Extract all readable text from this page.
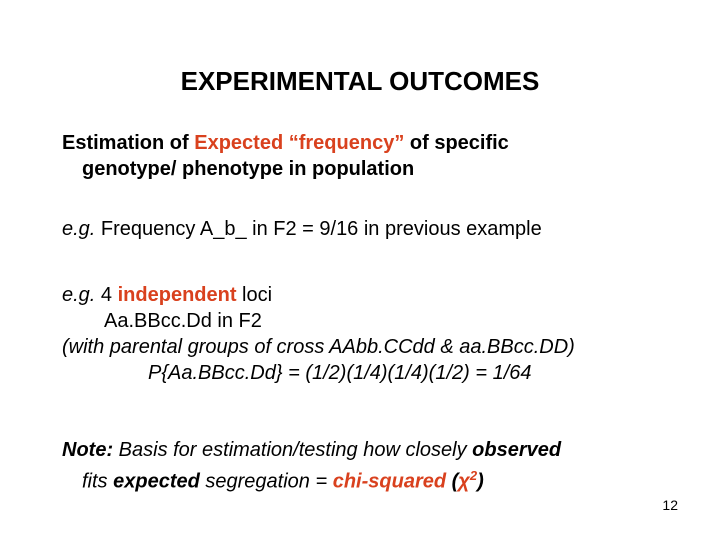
EXPERIMENTAL OUTCOMES
Estimation of Expected “frequency” of specific
genotype/ phenotype in population
e.g. Frequency A_b_ in F2 = 9/16 in previous example
e.g. 4 independent loci
Aa.BBcc.Dd in F2
(with parental groups of cross AAbb.CCdd & aa.BBcc.DD)
P{Aa.BBcc.Dd} = (1/2)(1/4)(1/4)(1/2) = 1/64
Note: Basis for estimation/testing how closely observed
fits expected segregation = chi-squared $(\chi^2)$
12
